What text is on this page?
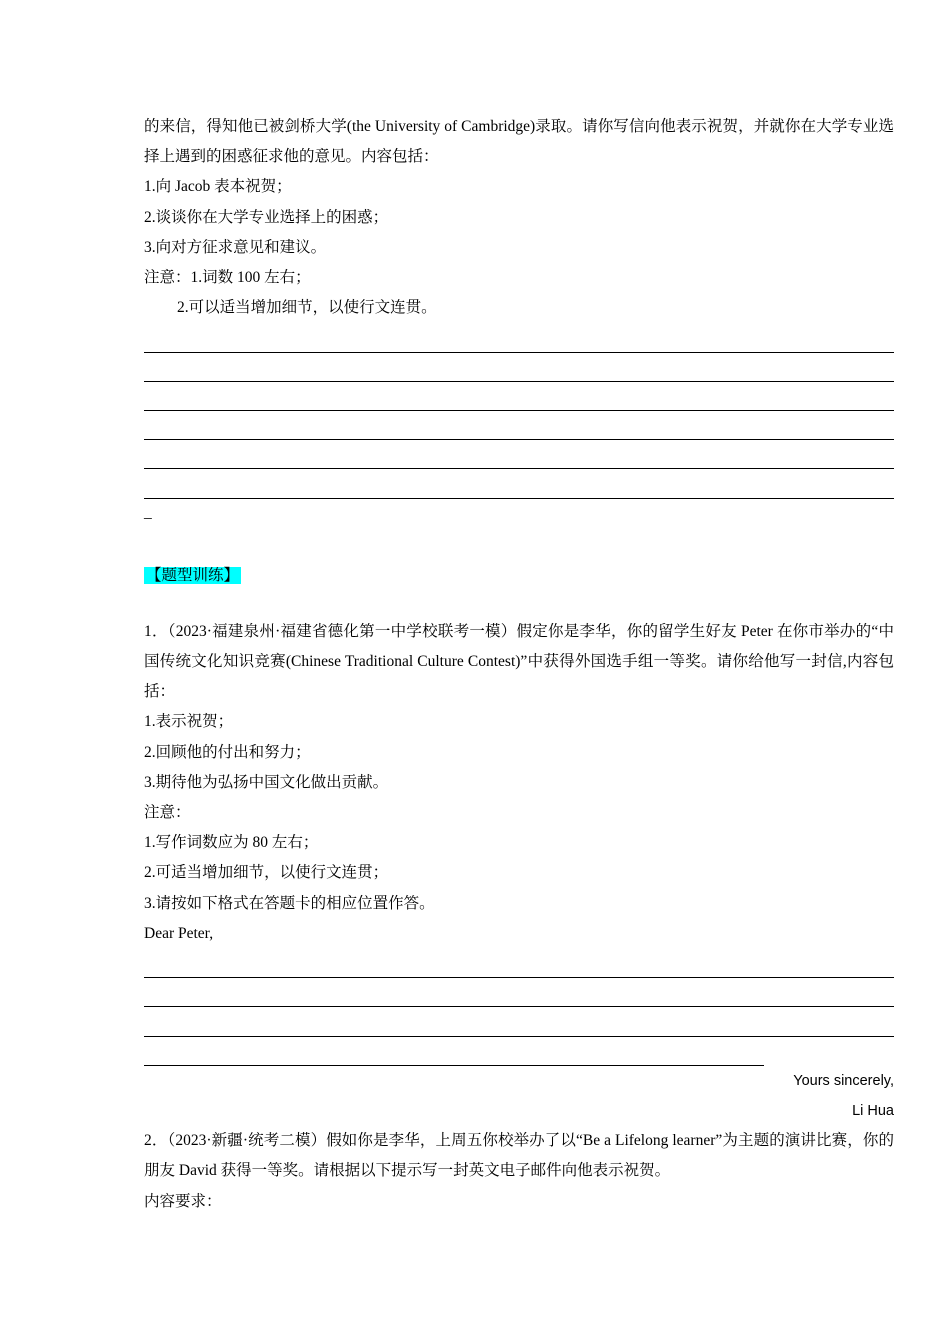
的来信，得知他已被剑桥大学(the University of Cambridge)录取。请你写信向他表示祝贺，并就你在大学专业选择上遇到的困惑征求他的意见。内容包括：
1.向 Jacob 表本祝贺；
2.谈谈你在大学专业选择上的困惑；
3.向对方征求意见和建议。
注意：1.词数 100 左右；
2.可以适当增加细节，以使行文连贯。
_
【题型训练】
1．（2023·福建泉州·福建省德化第一中学校联考一模）假定你是李华，你的留学生好友 Peter 在你市举办的“中国传统文化知识竞赛(Chinese Traditional Culture Contest)”中获得外国选手组一等奖。请你给他写一封信,内容包括：
1.表示祝贺；
2.回顾他的付出和努力；
3.期待他为弘扬中国文化做出贡献。
注意：
1.写作词数应为 80 左右；
2.可适当增加细节，以使行文连贯；
3.请按如下格式在答题卡的相应位置作答。
Dear Peter,
Yours sincerely,
Li Hua
2．（2023·新疆·统考二模）假如你是李华，上周五你校举办了以“Be a Lifelong learner”为主题的演讲比赛，你的朋友 David 获得一等奖。请根据以下提示写一封英文电子邮件向他表示祝贺。
内容要求：
